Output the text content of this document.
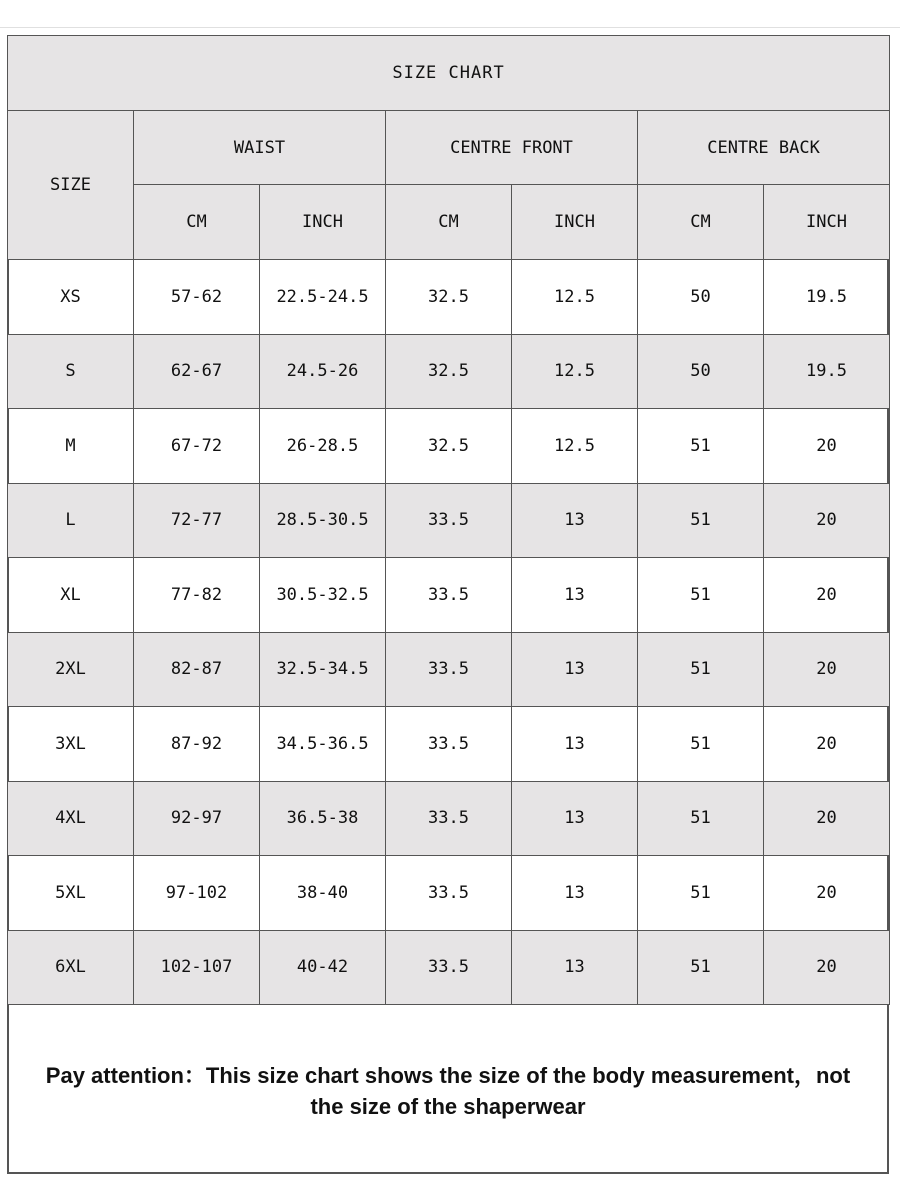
SIZE CHART						
SIZE	WAIST		CENTRE FRONT		CENTRE BACK	
	CM	INCH	CM	INCH	CM	INCH
XS	57-62	22.5-24.5	32.5	12.5	50	19.5
S	62-67	24.5-26	32.5	12.5	50	19.5
M	67-72	26-28.5	32.5	12.5	51	20
L	72-77	28.5-30.5	33.5	13	51	20
XL	77-82	30.5-32.5	33.5	13	51	20
2XL	82-87	32.5-34.5	33.5	13	51	20
3XL	87-92	34.5-36.5	33.5	13	51	20
4XL	92-97	36.5-38	33.5	13	51	20
5XL	97-102	38-40	33.5	13	51	20
6XL	102-107	40-42	33.5	13	51	20
Pay attention：This size chart shows the size of the body measurement，not
the size of the shaperwear
